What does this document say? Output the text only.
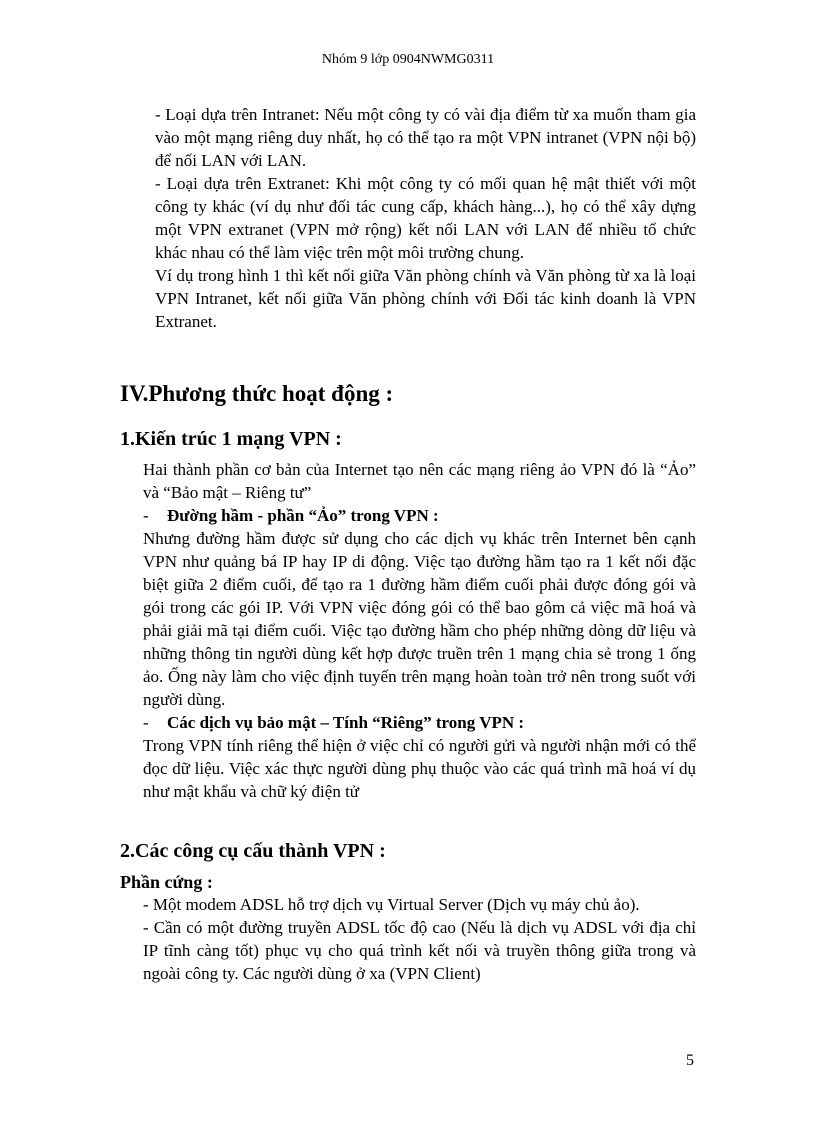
Nhóm 9 lớp 0904NWMG0311

- Loại dựa trên Intranet: Nếu một công ty có vài địa điểm từ xa muốn tham gia vào một mạng riêng duy nhất, họ có thể tạo ra một VPN intranet (VPN nội bộ) để nối LAN với LAN.

- Loại dựa trên Extranet: Khi một công ty có mối quan hệ mật thiết với một công ty khác (ví dụ như đối tác cung cấp, khách hàng...), họ có thể xây dựng một VPN extranet (VPN mở rộng) kết nối LAN với LAN để nhiều tổ chức khác nhau có thể làm việc trên một môi trường chung.

Ví dụ trong hình 1 thì kết nối giữa Văn phòng chính và Văn phòng từ xa là loại VPN Intranet, kết nối giữa Văn phòng chính với Đối tác kinh doanh là VPN Extranet.

IV.Phương thức hoạt động :
1.Kiến trúc 1 mạng VPN :

Hai thành phần cơ bản của Internet tạo nên các mạng riêng ảo VPN đó là “Ảo” và “Bảo mật – Riêng tư”

-	Đường hầm - phần “Ảo” trong VPN :

Nhưng đường hầm được sử dụng cho các dịch vụ khác trên Internet bên cạnh VPN như quảng bá IP hay IP di động. Việc tạo đường hầm tạo ra 1 kết nối đặc biệt giữa 2 điểm cuối, để tạo ra 1 đường hầm điểm cuối phải được đóng gói và gói trong các gói IP. Với VPN việc đóng gói có thể bao gôm cả việc mã hoá và phải giải mã tại điểm cuối. Việc tạo đường hầm cho phép những dòng dữ liệu và những thông tin người dùng kết hợp được truền trên 1 mạng chia sẻ trong 1 ống ảo. Ống này làm cho việc định tuyến trên mạng hoàn toàn trở nên trong suốt với người dùng.

-	Các dịch vụ bảo mật – Tính “Riêng” trong VPN :

Trong VPN tính riêng thể hiện ở việc chỉ có người gửi và người nhận mới có thể đọc dữ liệu. Việc xác thực người dùng phụ thuộc vào các quá trình mã hoá ví dụ như mật khẩu và chữ ký điện tử

2.Các công cụ cấu thành VPN :
Phần cứng :

- Một modem ADSL hỗ trợ dịch vụ Virtual Server (Dịch vụ máy chủ ảo).

- Cần có một đường truyền ADSL tốc độ cao (Nếu là dịch vụ ADSL với địa chỉ IP tĩnh càng tốt) phục vụ cho quá trình kết nối và truyền thông giữa trong và ngoài công ty. Các người dùng ở xa (VPN Client)

5
